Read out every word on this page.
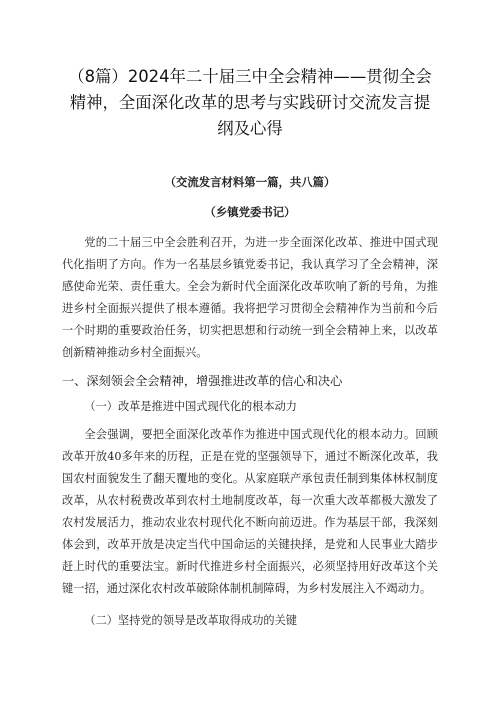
（8篇）2024年二十届三中全会精神——贯彻全会精神，全面深化改革的思考与实践研讨交流发言提纲及心得
（交流发言材料第一篇，共八篇）
（乡镇党委书记）

党的二十届三中全会胜利召开，为进一步全面深化改革、推进中国式现代化指明了方向。作为一名基层乡镇党委书记，我认真学习了全会精神，深感使命光荣、责任重大。全会为新时代全面深化改革吹响了新的号角，为推进乡村全面振兴提供了根本遵循。我将把学习贯彻全会精神作为当前和今后一个时期的重要政治任务，切实把思想和行动统一到全会精神上来，以改革创新精神推动乡村全面振兴。

一、深刻领会全会精神，增强推进改革的信心和决心
（一）改革是推进中国式现代化的根本动力

全会强调，要把全面深化改革作为推进中国式现代化的根本动力。回顾改革开放40多年来的历程，正是在党的坚强领导下，通过不断深化改革，我国农村面貌发生了翻天覆地的变化。从家庭联产承包责任制到集体林权制度改革，从农村税费改革到农村土地制度改革，每一次重大改革都极大激发了农村发展活力，推动农业农村现代化不断向前迈进。作为基层干部，我深刻体会到，改革开放是决定当代中国命运的关键抉择，是党和人民事业大踏步赶上时代的重要法宝。新时代推进乡村全面振兴，必须坚持用好改革这个关键一招，通过深化农村改革破除体制机制障碍，为乡村发展注入不竭动力。

（二）坚持党的领导是改革取得成功的关键
